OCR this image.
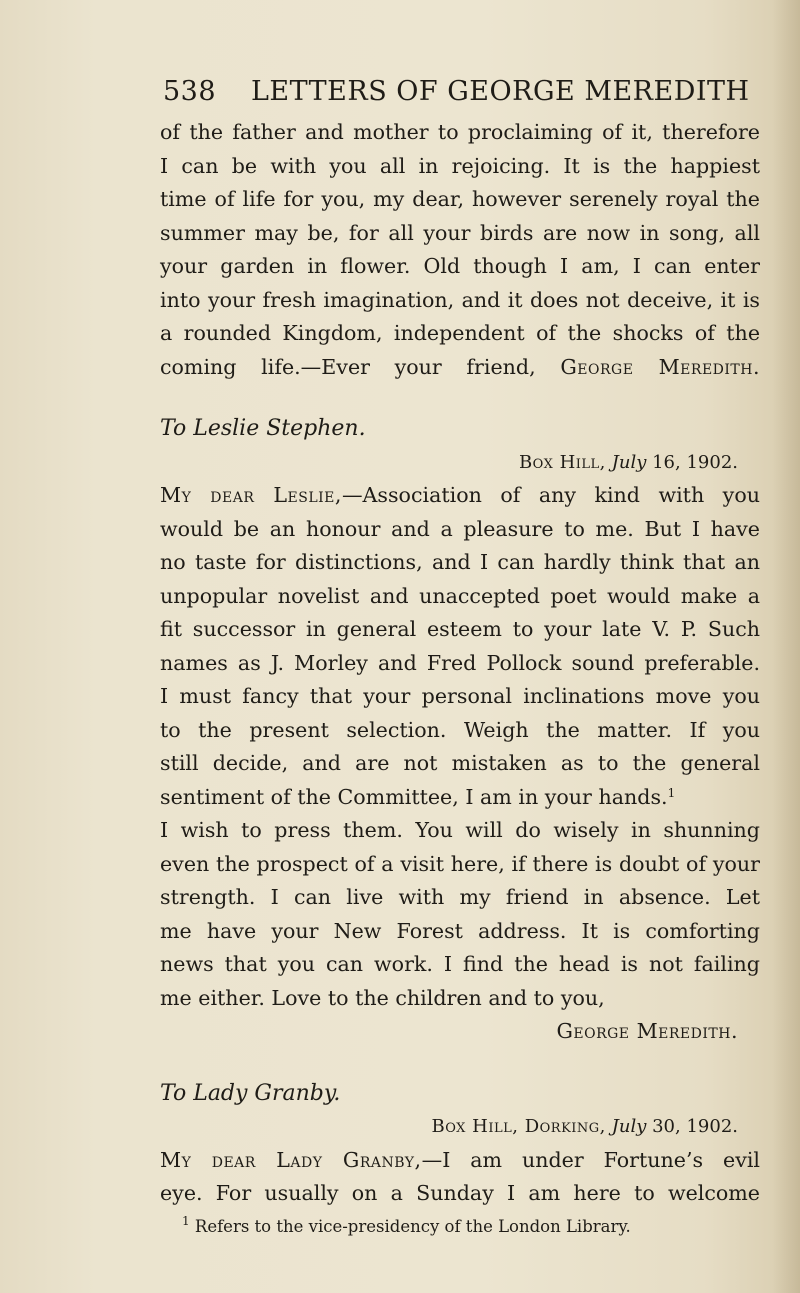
538 LETTERS OF GEORGE MEREDITH
of the father and mother to proclaiming of it, therefore
I can be with you all in rejoicing. It is the happiest
time of life for you, my dear, however serenely royal the
summer may be, for all your birds are now in song, all
your garden in flower. Old though I am, I can enter
into your fresh imagination, and it does not deceive, it is
a rounded Kingdom, independent of the shocks of the
coming life.—Ever your friend, George Meredith.
To Leslie Stephen.
Box Hill, July 16, 1902.
My dear Leslie,—Association of any kind with you
would be an honour and a pleasure to me. But I have
no taste for distinctions, and I can hardly think that an
unpopular novelist and unaccepted poet would make a
fit successor in general esteem to your late V. P. Such
names as J. Morley and Fred Pollock sound preferable.
I must fancy that your personal inclinations move you
to the present selection. Weigh the matter. If you
still decide, and are not mistaken as to the general
sentiment of the Committee, I am in your hands.$^1$
I wish to press them. You will do wisely in shunning
even the prospect of a visit here, if there is doubt of your
strength. I can live with my friend in absence. Let
me have your New Forest address. It is comforting
news that you can work. I find the head is not failing
me either. Love to the children and to you,
George Meredith.
To Lady Granby.
Box Hill, Dorking, July 30, 1902.
My dear Lady Granby,—I am under Fortune’s evil
eye. For usually on a Sunday I am here to welcome
$^1$ Refers to the vice-presidency of the London Library.
